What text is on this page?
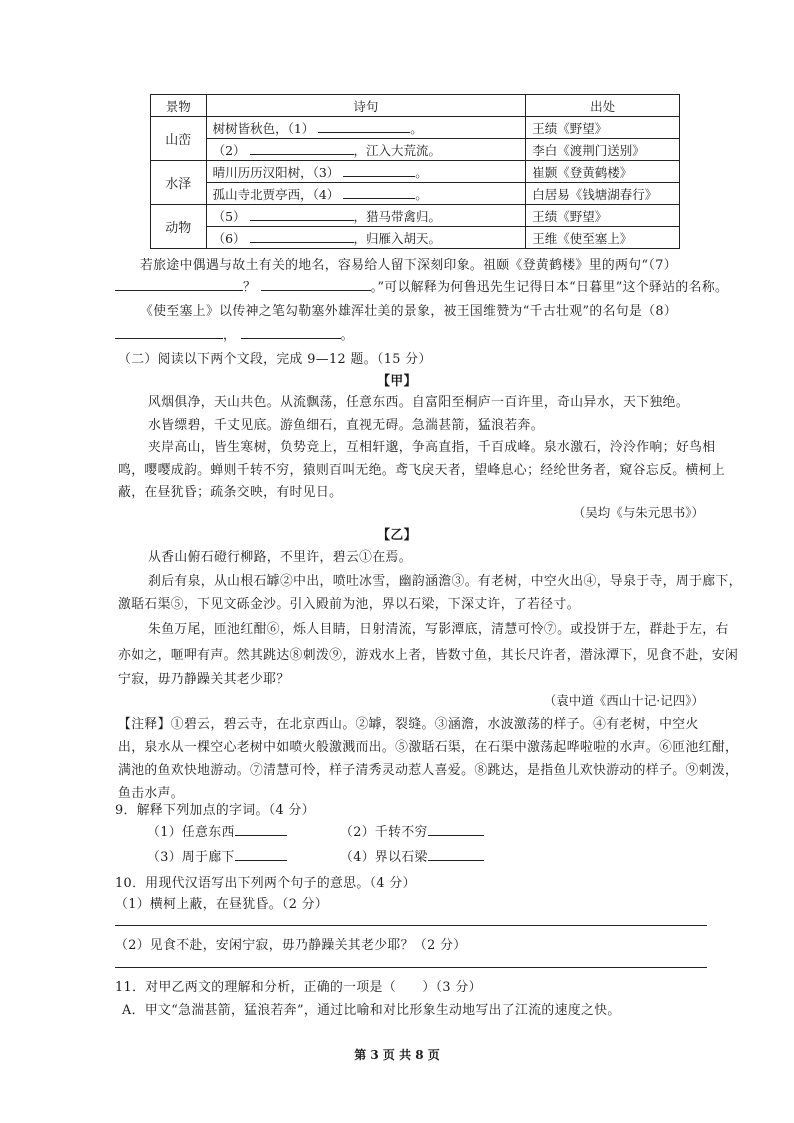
景物	诗句	出处
山峦	树树皆秋色，（1） 。	王绩《野望》
	（2） ，江入大荒流。	李白《渡荆门送别》
水泽	晴川历历汉阳树，（3） 。	崔颢《登黄鹤楼》
	孤山寺北贾亭西，（4） 。	白居易《钱塘湖春行》
动物	（5） ，猎马带禽归。	王绩《野望》
	（6） ，归雁入胡天。	王维《使至塞上》
若旅途中偶遇与故土有关的地名，容易给人留下深刻印象。祖颐《登黄鹤楼》里的两句“（7）
？	。”可以解释为何鲁迅先生记得日本“日暮里”这个驿站的名称。
《使至塞上》以传神之笔勾勒塞外雄浑壮美的景象，被王国维赞为“千古壮观”的名句是（8）
，	。
（二）阅读以下两个文段，完成 9—12 题。（15 分）
【甲】
风烟俱净，天山共色。从流飘荡，任意东西。自富阳至桐庐一百许里，奇山异水，天下独绝。
水皆缥碧，千丈见底。游鱼细石，直视无碍。急湍甚箭，猛浪若奔。
夹岸高山，皆生寒树，负势竞上，互相轩邈，争高直指，千百成峰。泉水激石，泠泠作响；好鸟相
鸣，嘤嘤成韵。蝉则千转不穷，猿则百叫无绝。鸢飞戾天者，望峰息心；经纶世务者，窥谷忘反。横柯上
蔽，在昼犹昏；疏条交映，有时见日。
（吴均《与朱元思书》）
【乙】
从香山俯石磴行柳路，不里许，碧云①在焉。
刹后有泉，从山根石罅②中出，喷吐冰雪，幽韵涵澹③。有老树，中空火出④，导泉于寺，周于廊下，
激聒石渠⑤，下见文砾金沙。引入殿前为池，界以石梁，下深丈许，了若径寸。
朱鱼万尾，匝池红酣⑥，烁人目睛，日射清流，写影潭底，清慧可怜⑦。或投饼于左，群赴于左，右
亦如之，咂呷有声。然其跳达⑧刺泼⑨，游戏水上者，皆数寸鱼，其长尺许者，潜泳潭下，见食不赴，安闲
宁寂，毋乃静躁关其老少耶？
（袁中道《西山十记·记四》）
【注释】①碧云，碧云寺，在北京西山。②罅，裂缝。③涵澹，水波激荡的样子。④有老树，中空火
出，泉水从一棵空心老树中如喷火般激溅而出。⑤激聒石渠，在石渠中激荡起哗啦啦的水声。⑥匝池红酣，
满池的鱼欢快地游动。⑦清慧可怜，样子清秀灵动惹人喜爱。⑧跳达，是指鱼儿欢快游动的样子。⑨刺泼，
鱼击水声。
9．解释下列加点的字词。（4 分）
（1）任意东西	（2）千转不穷
（3）周于廊下	（4）界以石梁
10．用现代汉语写出下列两个句子的意思。（4 分）
（1）横柯上蔽，在昼犹昏。（2 分）
（2）见食不赴，安闲宁寂，毋乃静躁关其老少耶？（2 分）
11．对甲乙两文的理解和分析，正确的一项是（　　）（3 分）
A．甲文“急湍甚箭，猛浪若奔”，通过比喻和对比形象生动地写出了江流的速度之快。
第 3 页 共 8 页
